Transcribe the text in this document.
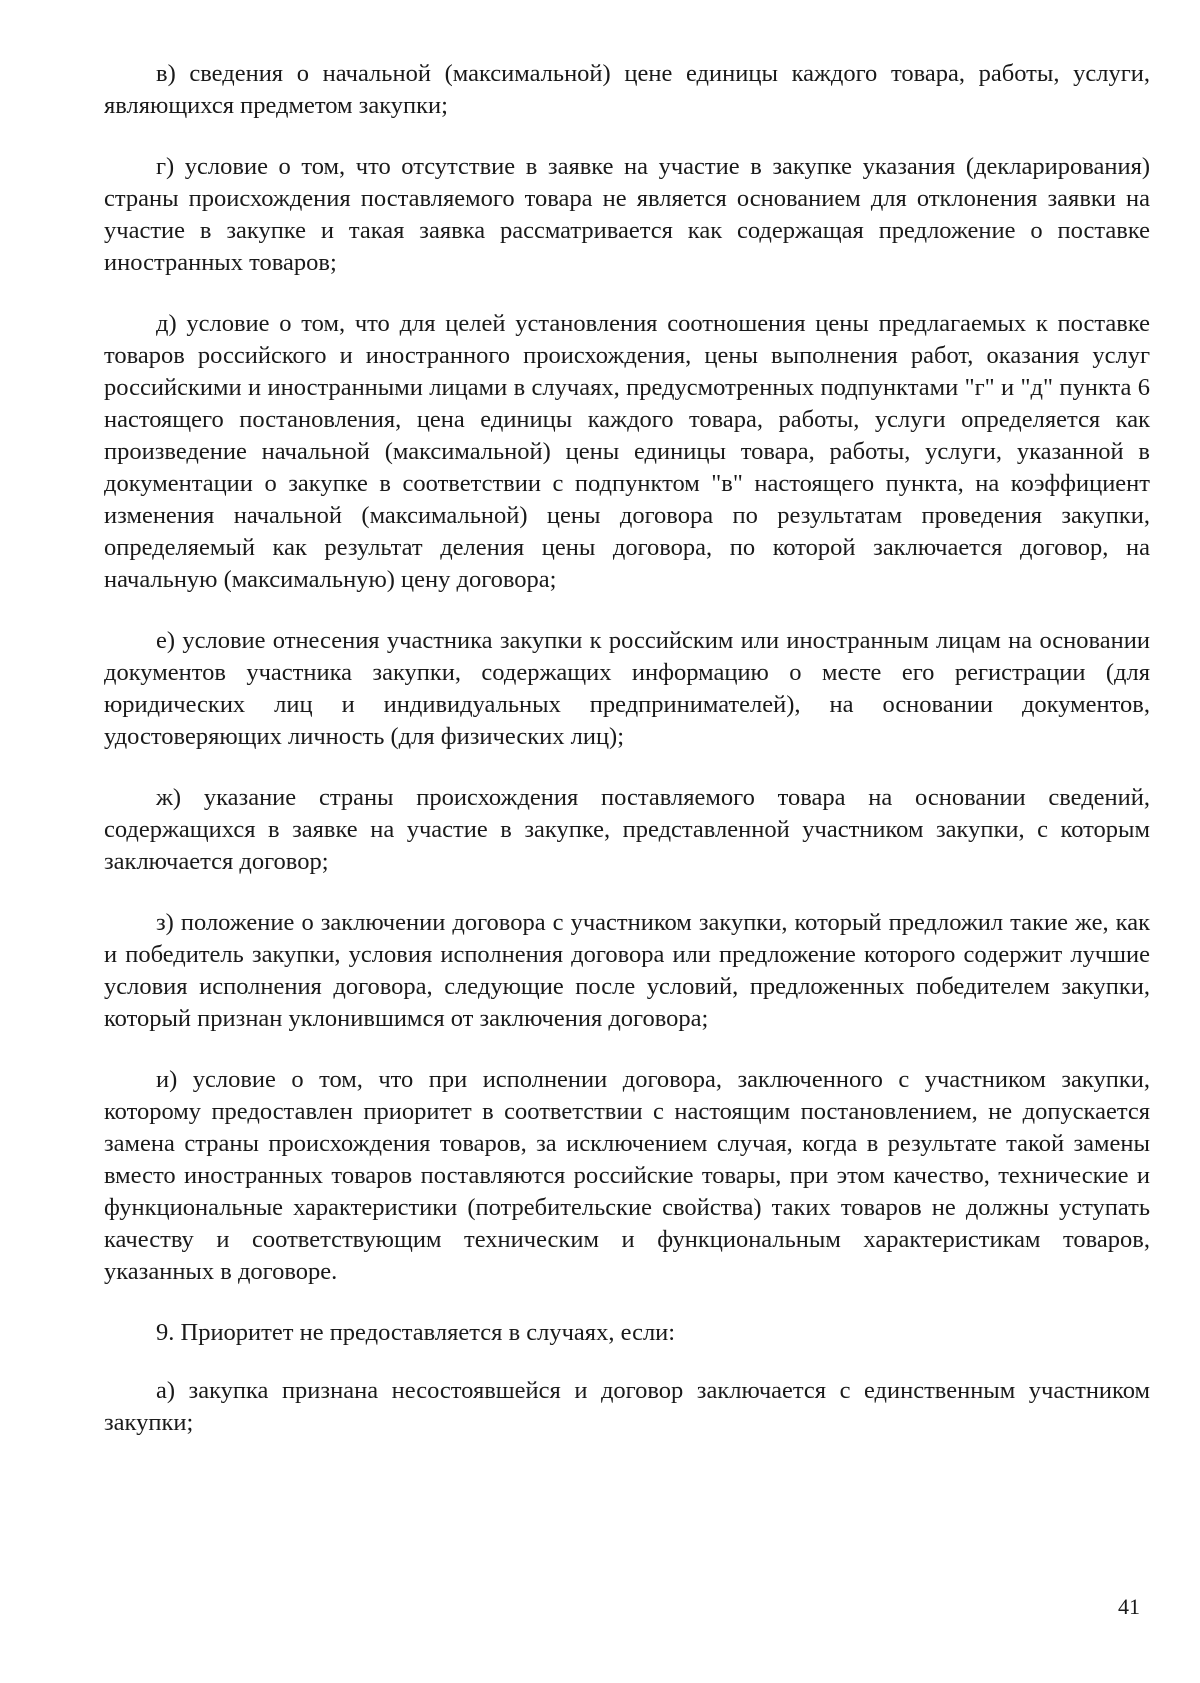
в) сведения о начальной (максимальной) цене единицы каждого товара, работы, услуги, являющихся предметом закупки;

г) условие о том, что отсутствие в заявке на участие в закупке указания (декларирования) страны происхождения поставляемого товара не является основанием для отклонения заявки на участие в закупке и такая заявка рассматривается как содержащая предложение о поставке иностранных товаров;

д) условие о том, что для целей установления соотношения цены предлагаемых к поставке товаров российского и иностранного происхождения, цены выполнения работ, оказания услуг российскими и иностранными лицами в случаях, предусмотренных подпунктами "г" и "д" пункта 6 настоящего постановления, цена единицы каждого товара, работы, услуги определяется как произведение начальной (максимальной) цены единицы товара, работы, услуги, указанной в документации о закупке в соответствии с подпунктом "в" настоящего пункта, на коэффициент изменения начальной (максимальной) цены договора по результатам проведения закупки, определяемый как результат деления цены договора, по которой заключается договор, на начальную (максимальную) цену договора;

е) условие отнесения участника закупки к российским или иностранным лицам на основании документов участника закупки, содержащих информацию о месте его регистрации (для юридических лиц и индивидуальных предпринимателей), на основании документов, удостоверяющих личность (для физических лиц);

ж) указание страны происхождения поставляемого товара на основании сведений, содержащихся в заявке на участие в закупке, представленной участником закупки, с которым заключается договор;

з) положение о заключении договора с участником закупки, который предложил такие же, как и победитель закупки, условия исполнения договора или предложение которого содержит лучшие условия исполнения договора, следующие после условий, предложенных победителем закупки, который признан уклонившимся от заключения договора;

и) условие о том, что при исполнении договора, заключенного с участником закупки, которому предоставлен приоритет в соответствии с настоящим постановлением, не допускается замена страны происхождения товаров, за исключением случая, когда в результате такой замены вместо иностранных товаров поставляются российские товары, при этом качество, технические и функциональные характеристики (потребительские свойства) таких товаров не должны уступать качеству и соответствующим техническим и функциональным характеристикам товаров, указанных в договоре.

9. Приоритет не предоставляется в случаях, если:

а) закупка признана несостоявшейся и договор заключается с единственным участником закупки;

41
